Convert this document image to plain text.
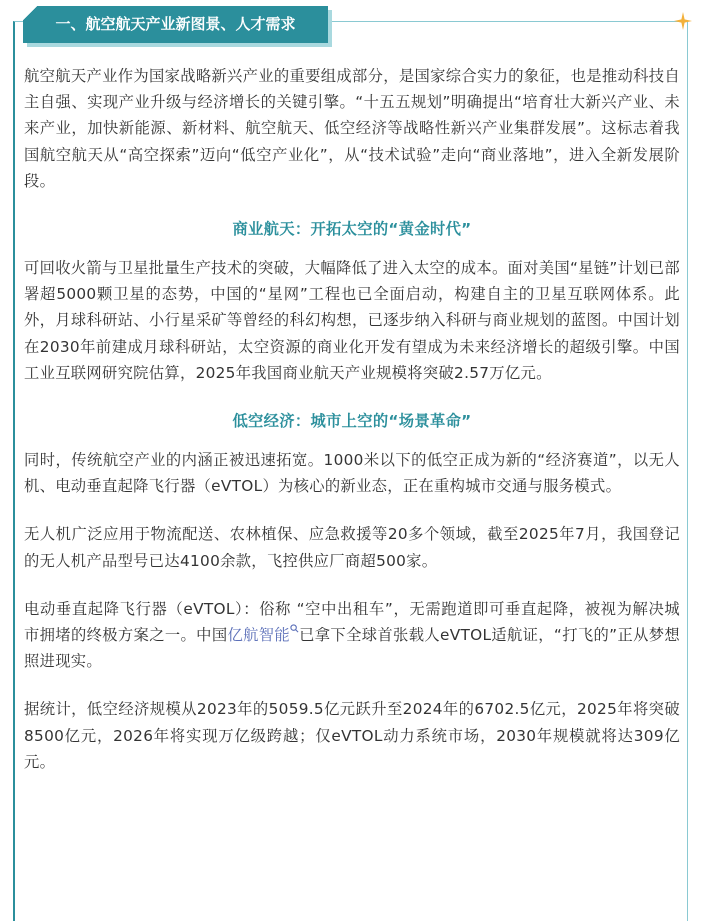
一、航空航天产业新图景、人才需求

航空航天产业作为国家战略新兴产业的重要组成部分，是国家综合实力的象征，也是推动科技自主自强、实现产业升级与经济增长的关键引擎。“十五五规划”明确提出“培育壮大新兴产业、未来产业，加快新能源、新材料、航空航天、低空经济等战略性新兴产业集群发展”。这标志着我国航空航天从“高空探索”迈向“低空产业化”，从“技术试验”走向“商业落地”，进入全新发展阶段。

商业航天：开拓太空的“黄金时代”

可回收火箭与卫星批量生产技术的突破，大幅降低了进入太空的成本。面对美国“星链”计划已部署超5000颗卫星的态势，中国的“星网”工程也已全面启动，构建自主的卫星互联网体系。此外，月球科研站、小行星采矿等曾经的科幻构想，已逐步纳入科研与商业规划的蓝图。中国计划在2030年前建成月球科研站，太空资源的商业化开发有望成为未来经济增长的超级引擎。中国工业互联网研究院估算，2025年我国商业航天产业规模将突破2.57万亿元。

低空经济：城市上空的“场景革命”

同时，传统航空产业的内涵正被迅速拓宽。1000米以下的低空正成为新的“经济赛道”，以无人机、电动垂直起降飞行器（eVTOL）为核心的新业态，正在重构城市交通与服务模式。

无人机广泛应用于物流配送、农林植保、应急救援等20多个领域，截至2025年7月，我国登记的无人机产品型号已达4100余款，飞控供应厂商超500家。

电动垂直起降飞行器（eVTOL）：俗称 “空中出租车”，无需跑道即可垂直起降，被视为解决城市拥堵的终极方案之一。中国亿航智能 已拿下全球首张载人eVTOL适航证，“打飞的”正从梦想照进现实。

据统计，低空经济规模从2023年的5059.5亿元跃升至2024年的6702.5亿元，2025年将突破8500亿元，2026年将实现万亿级跨越；仅eVTOL动力系统市场，2030年规模就将达309亿元。
